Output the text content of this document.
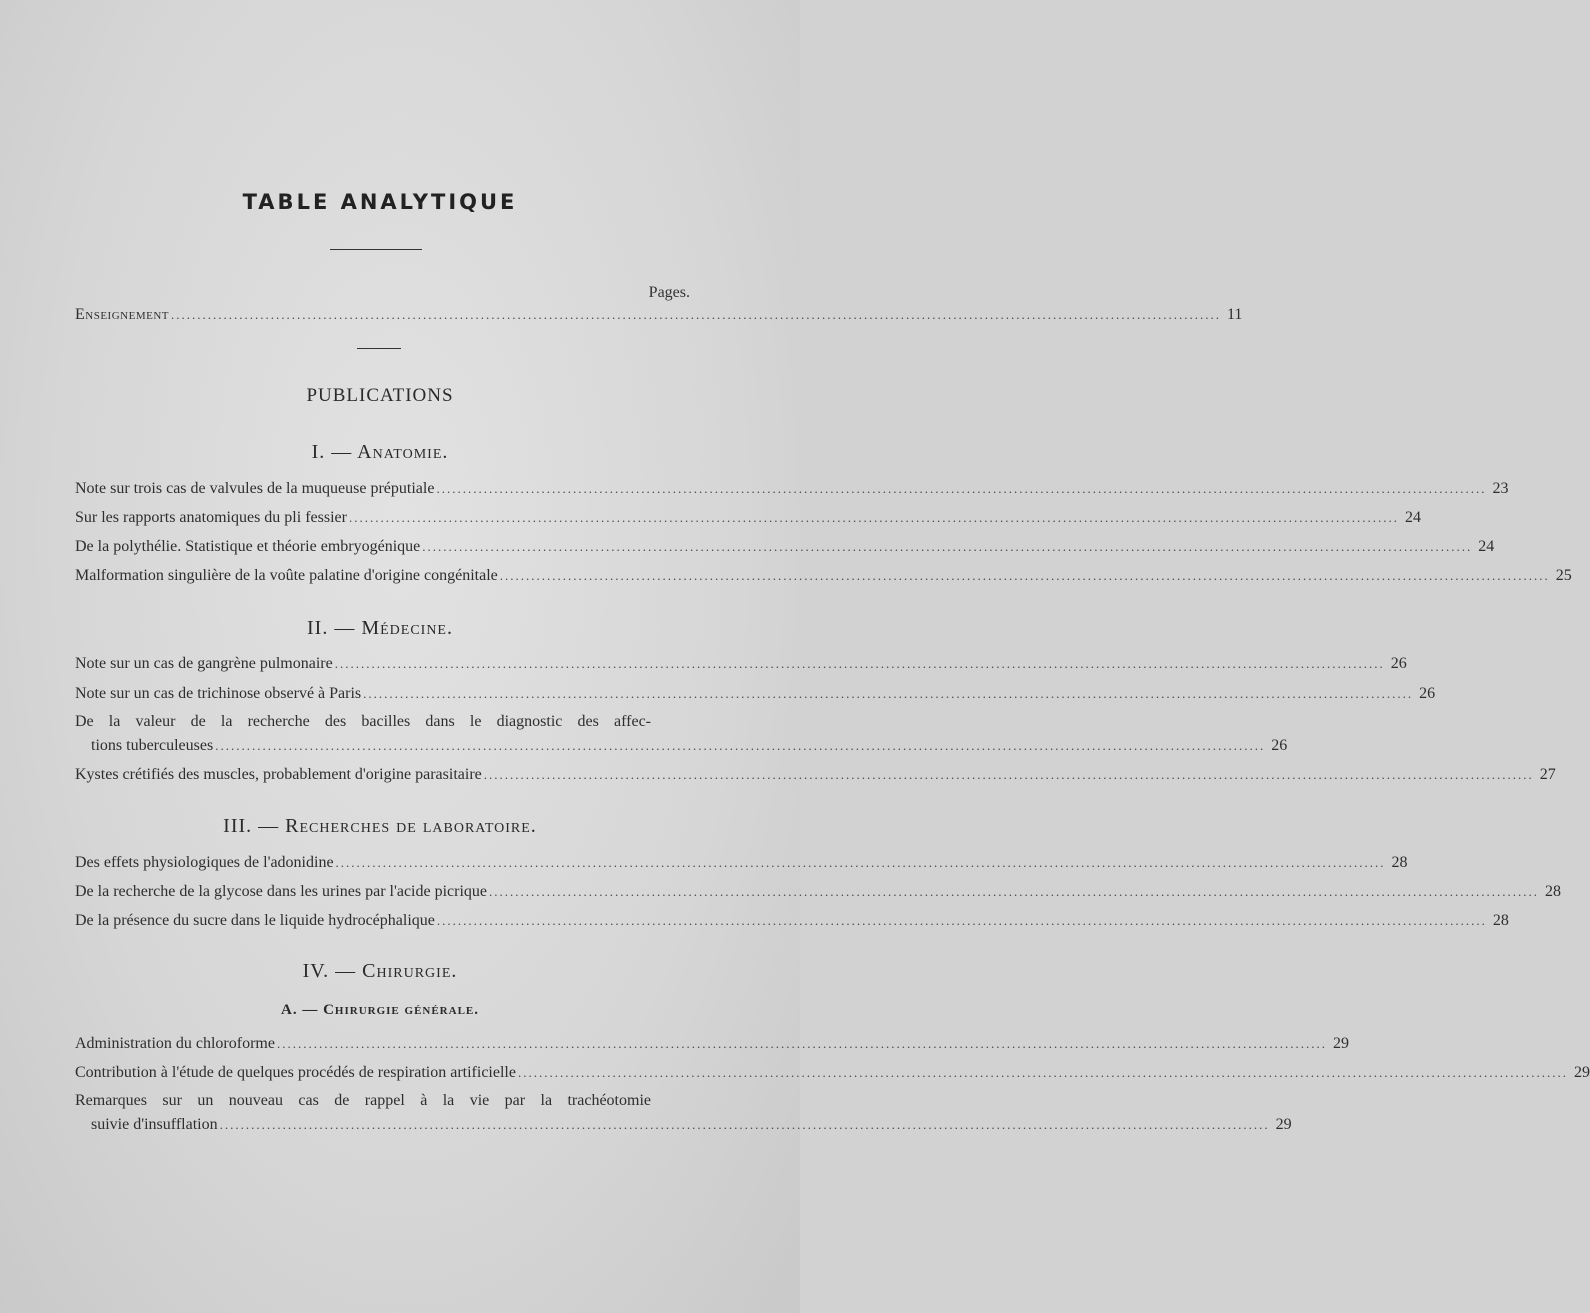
TABLE ANALYTIQUE
Pages.
Enseignement ........................................................................................................................................................................................................ 11
PUBLICATIONS
I. — Anatomie.
Note sur trois cas de valvules de la muqueuse préputiale ........................................................................................................................................................................................................ 23
Sur les rapports anatomiques du pli fessier ........................................................................................................................................................................................................ 24
De la polythélie. Statistique et théorie embryogénique ........................................................................................................................................................................................................ 24
Malformation singulière de la voûte palatine d'origine congénitale ........................................................................................................................................................................................................ 25
II. — Médecine.
Note sur un cas de gangrène pulmonaire ........................................................................................................................................................................................................ 26
Note sur un cas de trichinose observé à Paris ........................................................................................................................................................................................................ 26
De la valeur de la recherche des bacilles dans le diagnostic des affec-
tions tuberculeuses ........................................................................................................................................................................................................ 26
Kystes crétifiés des muscles, probablement d'origine parasitaire ........................................................................................................................................................................................................ 27
III. — Recherches de laboratoire.
Des effets physiologiques de l'adonidine ........................................................................................................................................................................................................ 28
De la recherche de la glycose dans les urines par l'acide picrique ........................................................................................................................................................................................................ 28
De la présence du sucre dans le liquide hydrocéphalique ........................................................................................................................................................................................................ 28
IV. — Chirurgie.
A. — Chirurgie générale.
Administration du chloroforme ........................................................................................................................................................................................................ 29
Contribution à l'étude de quelques procédés de respiration artificielle ........................................................................................................................................................................................................ 29
Remarques sur un nouveau cas de rappel à la vie par la trachéotomie
suivie d'insufflation ........................................................................................................................................................................................................ 29
